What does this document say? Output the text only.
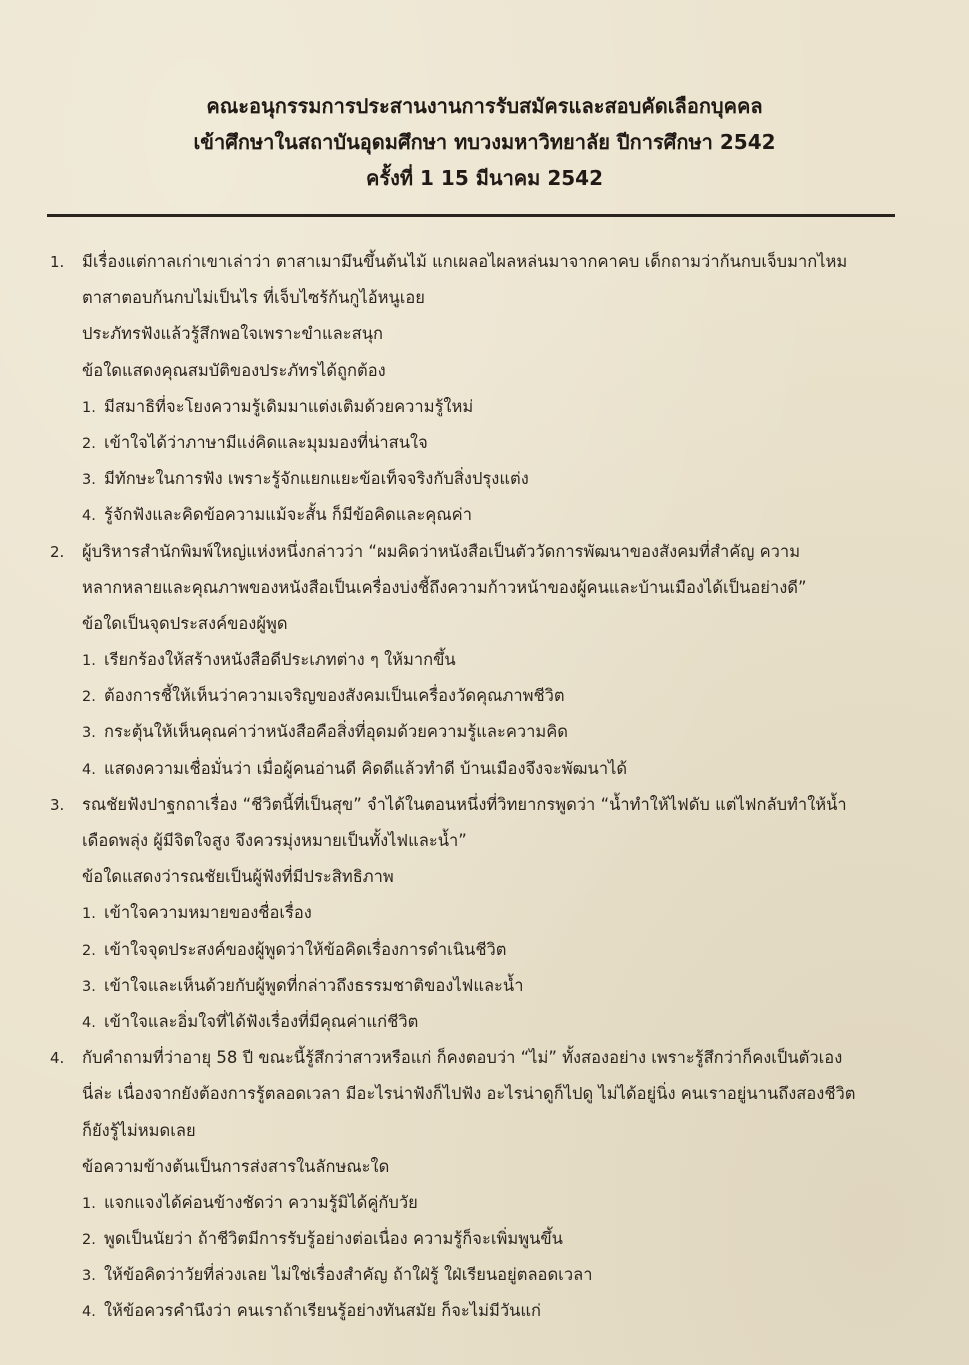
คณะอนุกรรมการประสานงานการรับสมัครและสอบคัดเลือกบุคคล
เข้าศึกษาในสถาบันอุดมศึกษา ทบวงมหาวิทยาลัย ปีการศึกษา 2542
ครั้งที่ 1 15 มีนาคม 2542
1.	มีเรื่องแต่กาลเก่าเขาเล่าว่า ตาสาเมามึนขึ้นต้นไม้ แกเผลอไผลหล่นมาจากคาคบ เด็กถามว่าก้นกบเจ็บมากไหม
ตาสาตอบก้นกบไม่เป็นไร ที่เจ็บไซร้ก้นกูไอ้หนูเอย
ประภัทรฟังแล้วรู้สึกพอใจเพราะขำและสนุก
ข้อใดแสดงคุณสมบัติของประภัทรได้ถูกต้อง
1. มีสมาธิที่จะโยงความรู้เดิมมาแต่งเติมด้วยความรู้ใหม่
2. เข้าใจได้ว่าภาษามีแง่คิดและมุมมองที่น่าสนใจ
3. มีทักษะในการฟัง เพราะรู้จักแยกแยะข้อเท็จจริงกับสิ่งปรุงแต่ง
4. รู้จักฟังและคิดข้อความแม้จะสั้น ก็มีข้อคิดและคุณค่า
2.	ผู้บริหารสำนักพิมพ์ใหญ่แห่งหนึ่งกล่าวว่า “ผมคิดว่าหนังสือเป็นตัววัดการพัฒนาของสังคมที่สำคัญ ความ
หลากหลายและคุณภาพของหนังสือเป็นเครื่องบ่งชี้ถึงความก้าวหน้าของผู้คนและบ้านเมืองได้เป็นอย่างดี”
ข้อใดเป็นจุดประสงค์ของผู้พูด
1. เรียกร้องให้สร้างหนังสือดีประเภทต่าง ๆ ให้มากขึ้น
2. ต้องการชี้ให้เห็นว่าความเจริญของสังคมเป็นเครื่องวัดคุณภาพชีวิต
3. กระตุ้นให้เห็นคุณค่าว่าหนังสือคือสิ่งที่อุดมด้วยความรู้และความคิด
4. แสดงความเชื่อมั่นว่า เมื่อผู้คนอ่านดี คิดดีแล้วทำดี บ้านเมืองจึงจะพัฒนาได้
3.	รณชัยฟังปาฐกถาเรื่อง “ชีวิตนี้ที่เป็นสุข” จำได้ในตอนหนึ่งที่วิทยากรพูดว่า “น้ำทำให้ไฟดับ แต่ไฟกลับทำให้น้ำ
เดือดพลุ่ง ผู้มีจิตใจสูง จึงควรมุ่งหมายเป็นทั้งไฟและน้ำ”
ข้อใดแสดงว่ารณชัยเป็นผู้ฟังที่มีประสิทธิภาพ
1. เข้าใจความหมายของชื่อเรื่อง
2. เข้าใจจุดประสงค์ของผู้พูดว่าให้ข้อคิดเรื่องการดำเนินชีวิต
3. เข้าใจและเห็นด้วยกับผู้พูดที่กล่าวถึงธรรมชาติของไฟและน้ำ
4. เข้าใจและอิ่มใจที่ได้ฟังเรื่องที่มีคุณค่าแก่ชีวิต
4.	กับคำถามที่ว่าอายุ 58 ปี ขณะนี้รู้สึกว่าสาวหรือแก่ ก็คงตอบว่า “ไม่” ทั้งสองอย่าง เพราะรู้สึกว่าก็คงเป็นตัวเอง
นี่ล่ะ เนื่องจากยังต้องการรู้ตลอดเวลา มีอะไรน่าฟังก็ไปฟัง อะไรน่าดูก็ไปดู ไม่ได้อยู่นิ่ง คนเราอยู่นานถึงสองชีวิต
ก็ยังรู้ไม่หมดเลย
ข้อความข้างต้นเป็นการส่งสารในลักษณะใด
1. แจกแจงได้ค่อนข้างชัดว่า ความรู้มิได้คู่กับวัย
2. พูดเป็นนัยว่า ถ้าชีวิตมีการรับรู้อย่างต่อเนื่อง ความรู้ก็จะเพิ่มพูนขึ้น
3. ให้ข้อคิดว่าวัยที่ล่วงเลย ไม่ใช่เรื่องสำคัญ ถ้าใฝ่รู้ ใฝ่เรียนอยู่ตลอดเวลา
4. ให้ข้อควรคำนึงว่า คนเราถ้าเรียนรู้อย่างทันสมัย ก็จะไม่มีวันแก่
